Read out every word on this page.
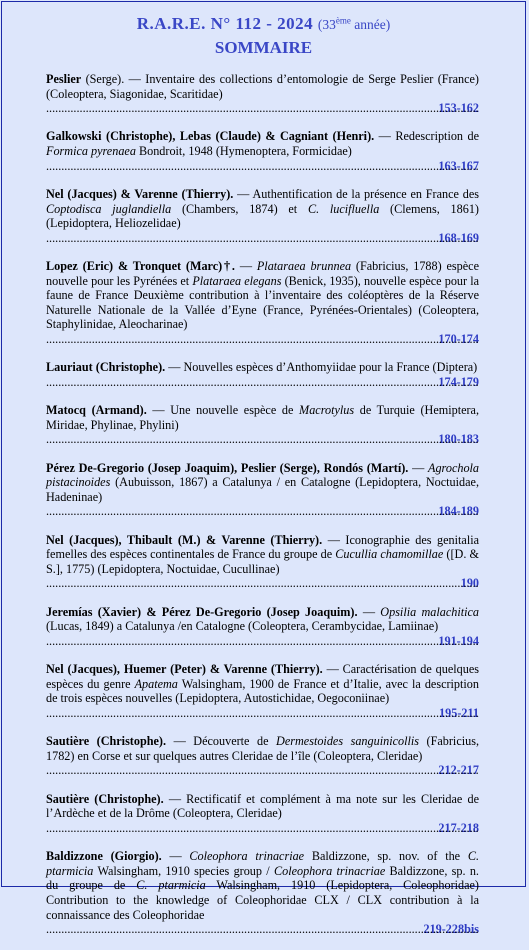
R.A.R.E. N° 112 - 2024 (33ème année)
SOMMAIRE
Peslier (Serge). — Inventaire des collections d’entomologie de Serge Peslier (France) (Coleoptera, Siagonidae, Scaritidae)
153-162
.....
Galkowski (Christophe), Lebas (Claude) & Cagniant (Henri). — Redescription de Formica pyrenaea Bondroit, 1948 (Hymenoptera, Formicidae)
163-167
.....
Nel (Jacques) & Varenne (Thierry). — Authentification de la présence en France des Coptodiscа juglandiella (Chambers, 1874) et C. lucifluella (Clemens, 1861) (Lepidoptera, Heliozelidae)
168-169
.....
Lopez (Eric) & Tronquet (Marc)†. — Plataraea brunnea (Fabricius, 1788) espèce nouvelle pour les Pyrénées et Plataraea elegans (Benick, 1935), nouvelle espèce pour la faune de France Deuxième contribution à l’inventaire des coléoptères de la Réserve Naturelle Nationale de la Vallée d’Eyne (France, Pyrénées-Orientales) (Coleoptera, Staphylinidae, Aleocharinae)
170-174
.....
Lauriaut (Christophe). — Nouvelles espèces d’Anthomyiidae pour la France (Diptera)
174-179
.....
Matocq (Armand). — Une nouvelle espèce de Macrotylus de Turquie (Hemiptera, Miridae, Phylinae, Phylini)
180-183
.....
Pérez De-Gregorio (Josep Joaquim), Peslier (Serge), Rondós (Martí). — Agrochola pistacinoides (Aubuisson, 1867) a Catalunya / en Catalogne (Lepidoptera, Noctuidae, Hadeninae)
184-189
.....
Nel (Jacques), Thibault (M.) & Varenne (Thierry). — Iconographie des genitalia femelles des espèces continentales de France du groupe de Cucullia chamomillae ([D. & S.], 1775) (Lepidoptera, Noctuidae, Cucullinae)
190
.....
Jeremías (Xavier) & Pérez De-Gregorio (Josep Joaquim). — Opsilia malachitica (Lucas, 1849) a Catalunya /en Catalogne (Coleoptera, Cerambycidae, Lamiinae)
191-194
.....
Nel (Jacques), Huemer (Peter) & Varenne (Thierry). — Caractérisation de quelques espèces du genre Apatema Walsingham, 1900 de France et d’Italie, avec la description de trois espèces nouvelles (Lepidoptera, Autostichidae, Oegoconiinae)
195-211
.....
Sautière (Christophe). — Découverte de Dermestoides sanguinicollis (Fabricius, 1782) en Corse et sur quelques autres Cleridae de l’île (Coleoptera, Cleridae)
212-217
.....
Sautière (Christophe). — Rectificatif et complément à ma note sur les Cleridae de l’Ardèche et de la Drôme (Coleoptera, Cleridae)
217-218
.....
Baldizzone (Giorgio). — Coleophora trinacriae Baldizzone, sp. nov. of the C. ptarmicia Walsingham, 1910 species group / Coleophora trinacriae Baldizzone, sp. n. du groupe de C. ptarmicia Walsingham, 1910 (Lepidoptera, Coleophoridae) Contribution to the knowledge of Coleophoridae CLX / CLX contribution à la connaissance des Coleophoridae
219-228bis
.....
